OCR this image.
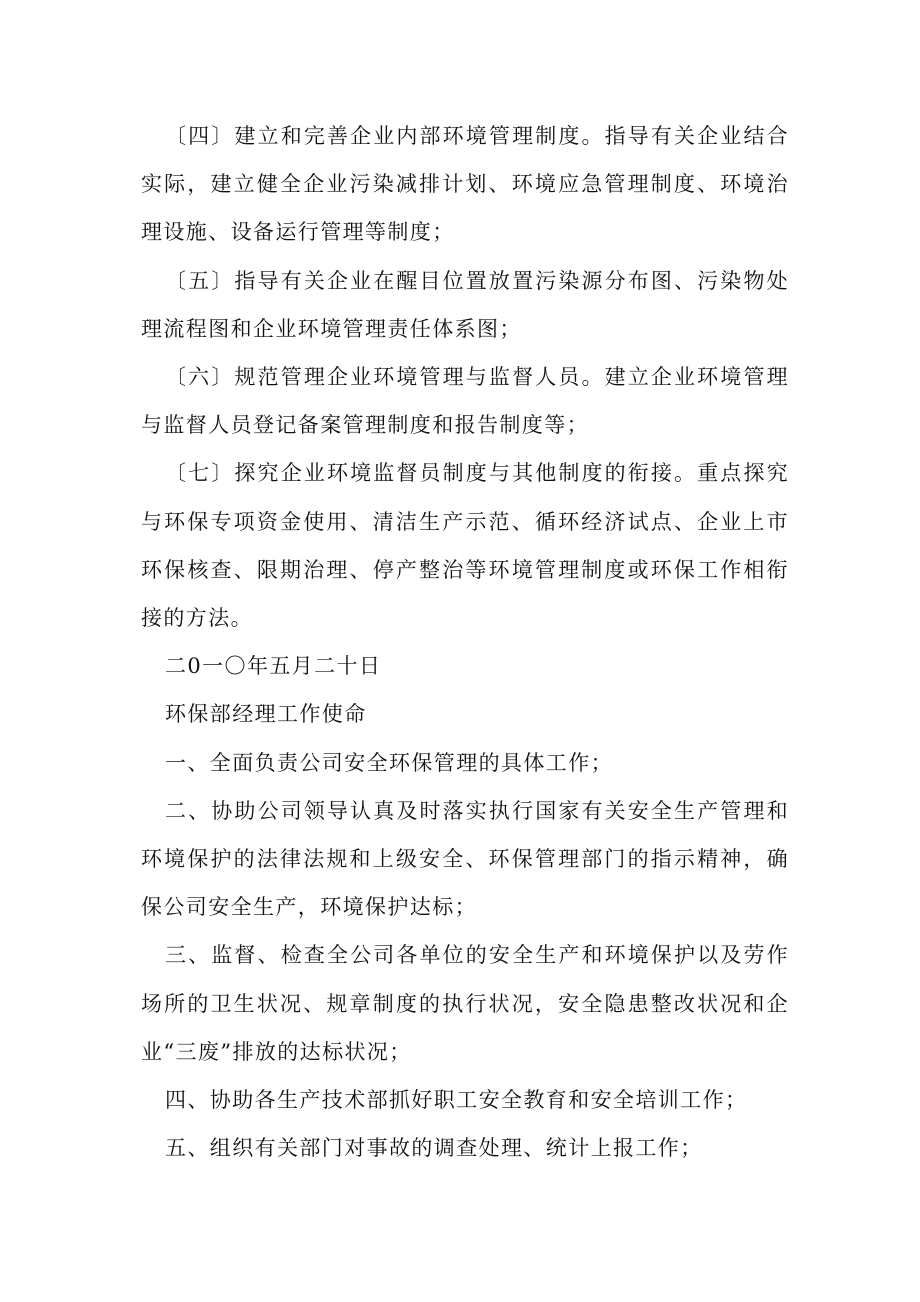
〔四〕建立和完善企业内部环境管理制度。指导有关企业结合实际，建立健全企业污染减排计划、环境应急管理制度、环境治理设施、设备运行管理等制度；

〔五〕指导有关企业在醒目位置放置污染源分布图、污染物处理流程图和企业环境管理责任体系图；

〔六〕规范管理企业环境管理与监督人员。建立企业环境管理与监督人员登记备案管理制度和报告制度等；

〔七〕探究企业环境监督员制度与其他制度的衔接。重点探究与环保专项资金使用、清洁生产示范、循环经济试点、企业上市环保核查、限期治理、停产整治等环境管理制度或环保工作相衔接的方法。

二0一〇年五月二十日

环保部经理工作使命

一、全面负责公司安全环保管理的具体工作；

二、协助公司领导认真及时落实执行国家有关安全生产管理和环境保护的法律法规和上级安全、环保管理部门的指示精神，确保公司安全生产，环境保护达标；

三、监督、检查全公司各单位的安全生产和环境保护以及劳作场所的卫生状况、规章制度的执行状况，安全隐患整改状况和企业“三废”排放的达标状况；

四、协助各生产技术部抓好职工安全教育和安全培训工作；

五、组织有关部门对事故的调查处理、统计上报工作；
